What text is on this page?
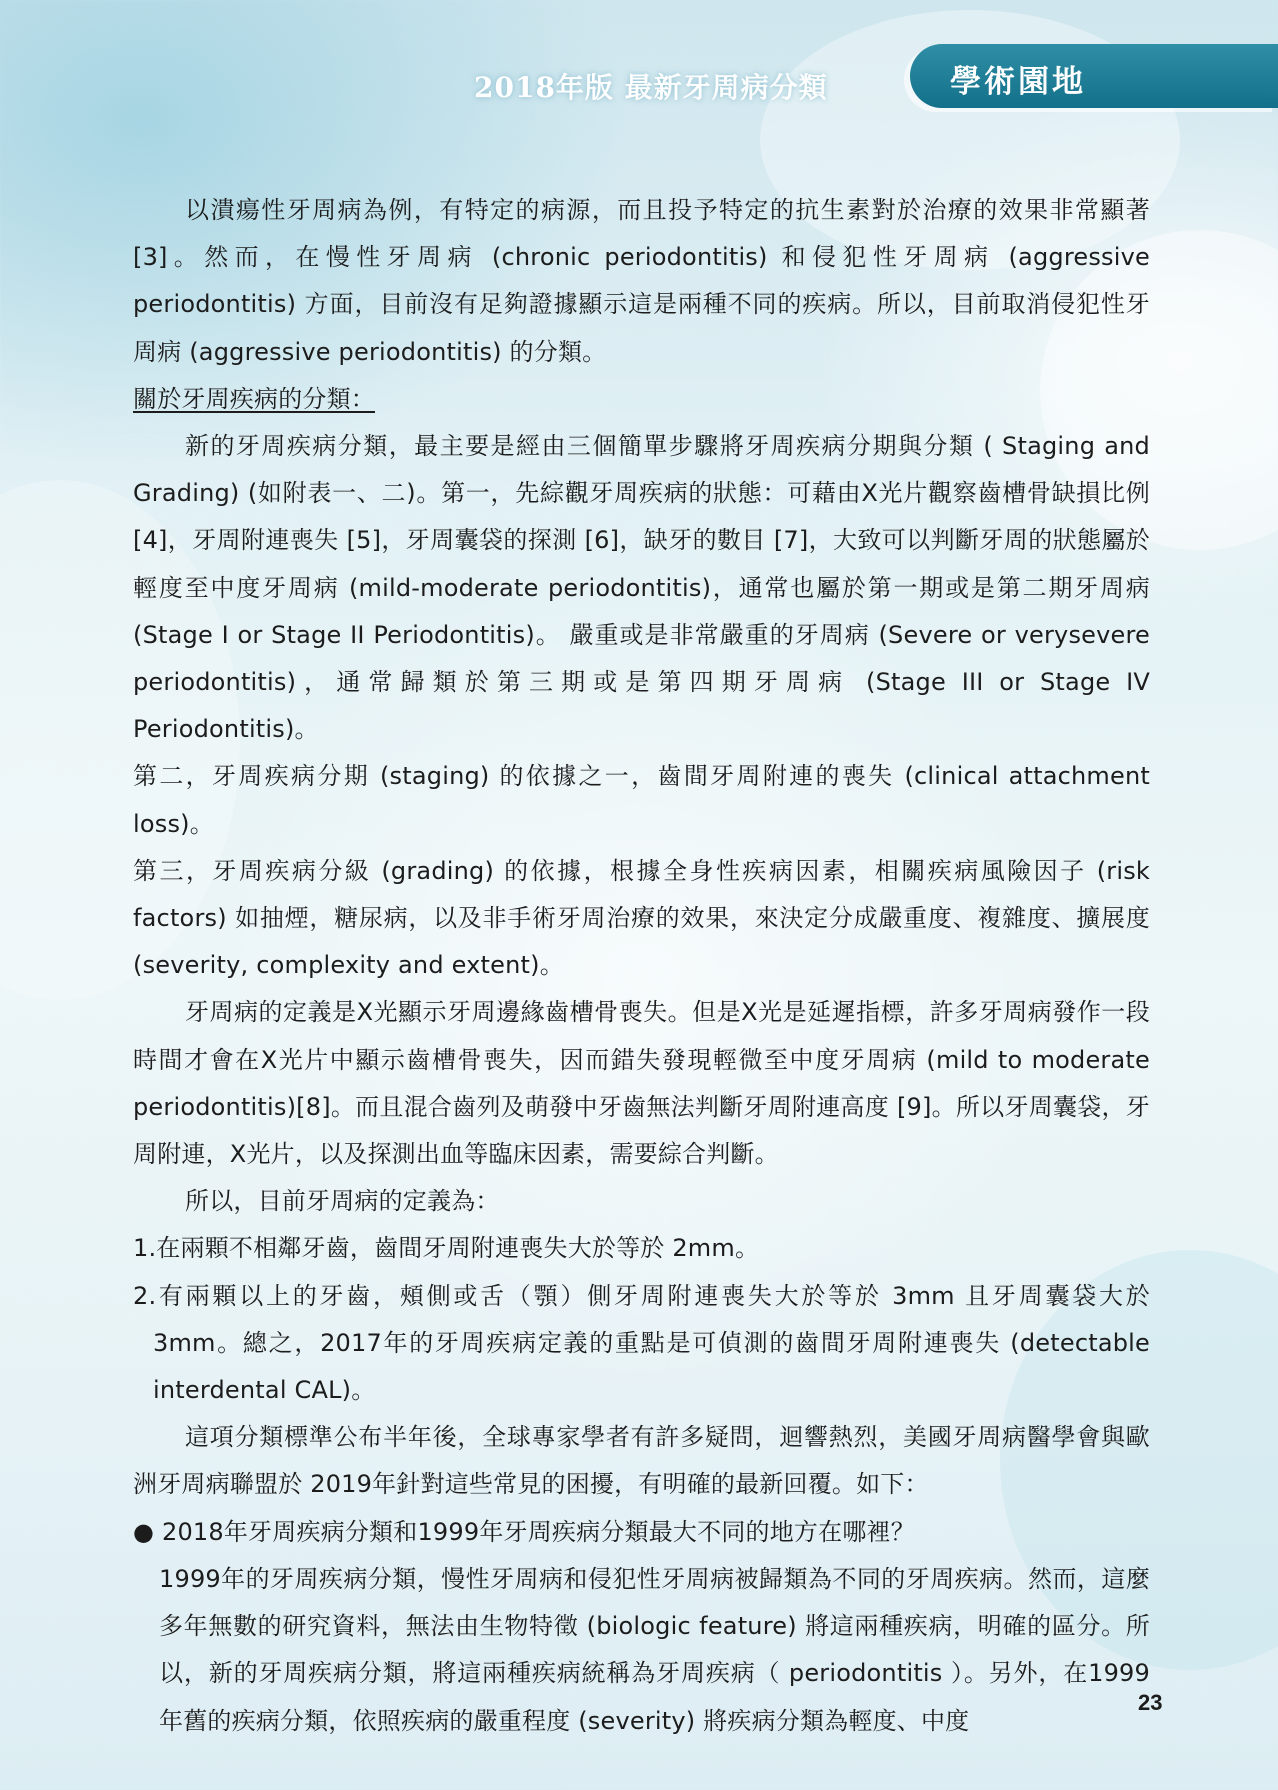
2018年版 最新牙周病分類	學術園地

以潰瘍性牙周病為例，有特定的病源，而且投予特定的抗生素對於治療的效果非常顯著 [3]。然而，在慢性牙周病 (chronic periodontitis) 和侵犯性牙周病 (aggressive periodontitis) 方面，目前沒有足夠證據顯示這是兩種不同的疾病。所以，目前取消侵犯性牙周病 (aggressive periodontitis) 的分類。

關於牙周疾病的分類：

新的牙周疾病分類，最主要是經由三個簡單步驟將牙周疾病分期與分類 ( Staging and Grading) (如附表一、二)。第一，先綜觀牙周疾病的狀態：可藉由X光片觀察齒槽骨缺損比例 [4]，牙周附連喪失 [5]，牙周囊袋的探測 [6]，缺牙的數目 [7]，大致可以判斷牙周的狀態屬於輕度至中度牙周病 (mild-moderate periodontitis)，通常也屬於第一期或是第二期牙周病 (Stage I or Stage II Periodontitis)。 嚴重或是非常嚴重的牙周病 (Severe or verysevere periodontitis)，通常歸類於第三期或是第四期牙周病 (Stage III or Stage IV Periodontitis)。

第二，牙周疾病分期 (staging) 的依據之一，齒間牙周附連的喪失 (clinical attachment loss)。

第三，牙周疾病分級 (grading) 的依據，根據全身性疾病因素，相關疾病風險因子 (risk factors) 如抽煙，糖尿病，以及非手術牙周治療的效果，來決定分成嚴重度、複雜度、擴展度 (severity, complexity and extent)。

牙周病的定義是X光顯示牙周邊緣齒槽骨喪失。但是X光是延遲指標，許多牙周病發作一段時間才會在X光片中顯示齒槽骨喪失，因而錯失發現輕微至中度牙周病 (mild to moderate periodontitis)[8]。而且混合齒列及萌發中牙齒無法判斷牙周附連高度 [9]。所以牙周囊袋，牙周附連，X光片，以及探測出血等臨床因素，需要綜合判斷。

所以，目前牙周病的定義為：

1.在兩顆不相鄰牙齒，齒間牙周附連喪失大於等於 2mm。

2.有兩顆以上的牙齒，頰側或舌（顎）側牙周附連喪失大於等於 3mm 且牙周囊袋大於 3mm。總之，2017年的牙周疾病定義的重點是可偵測的齒間牙周附連喪失 (detectable interdental CAL)。

這項分類標準公布半年後，全球專家學者有許多疑問，迴響熱烈，美國牙周病醫學會與歐洲牙周病聯盟於 2019年針對這些常見的困擾，有明確的最新回覆。如下：

● 2018年牙周疾病分類和1999年牙周疾病分類最大不同的地方在哪裡？

1999年的牙周疾病分類，慢性牙周病和侵犯性牙周病被歸類為不同的牙周疾病。然而，這麼多年無數的研究資料，無法由生物特徵 (biologic feature) 將這兩種疾病，明確的區分。所以，新的牙周疾病分類，將這兩種疾病統稱為牙周疾病（ periodontitis ）。另外，在1999年舊的疾病分類，依照疾病的嚴重程度 (severity) 將疾病分類為輕度、中度

23
